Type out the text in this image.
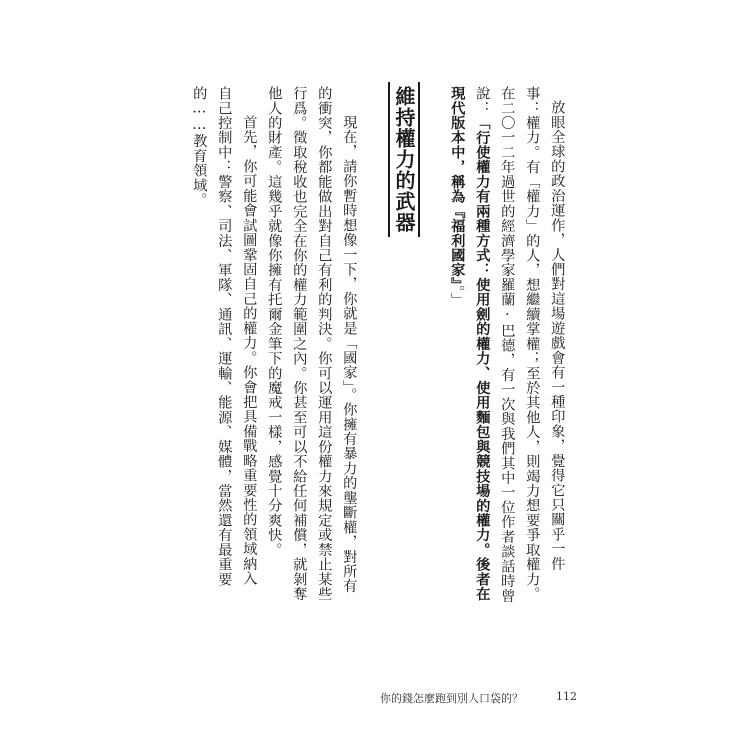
放眼全球的政治運作，人們對這場遊戲會有一種印象，覺得它只關乎一件
事：權力。有「權力」的人，想繼續掌權；至於其他人，則竭力想要爭取權力。
在二〇一二年過世的經濟學家羅蘭·巴德，有一次與我們其中一位作者談話時曾
說：「行使權力有兩種方式：使用劍的權力、使用麵包與競技場的權力。後者在
現代版本中，稱為『福利國家』。」
維持權力的武器
　現在，請你暫時想像一下，你就是「國家」。你擁有暴力的壟斷權，對所有
的衝突，你都能做出對自己有利的判決。你可以運用這份權力來規定或禁止某些
行爲。徵取稅收也完全在你的權力範圍之內。你甚至可以不給任何補償，就剝奪
他人的財產。這幾乎就像你擁有托爾金筆下的魔戒一樣，感覺十分爽快。
　首先，你可能會試圖鞏固自己的權力。你會把具備戰略重要性的領域納入
自己控制中：警察、司法、軍隊、通訊、運輸、能源、媒體，當然還有最重要
的……教育領域。
你的錢怎麼跑到別人口袋的？	112
